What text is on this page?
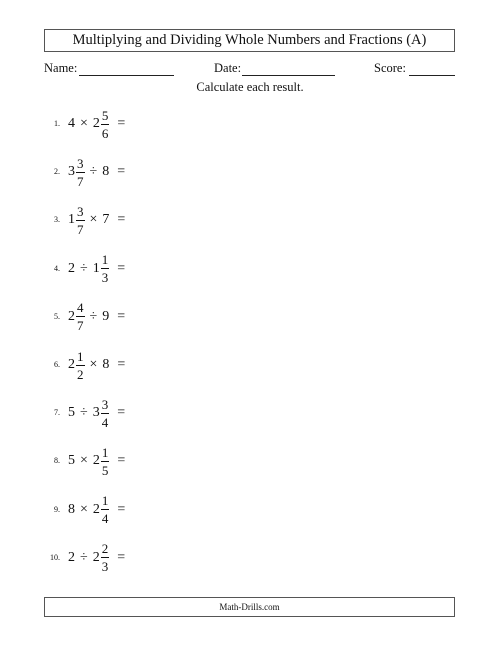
Multiplying and Dividing Whole Numbers and Fractions (A)
Name:	Date:	Score:
Calculate each result.
1. $4 \times 2 \frac{5}{6}$ =
2. $3 \frac{3}{7} \div 8$ =
3. $1 \frac{3}{7} \times 7$ =
4. $2 \div 1 \frac{1}{3}$ =
5. $2 \frac{4}{7} \div 9$ =
6. $2 \frac{1}{2} \times 8$ =
7. $5 \div 3 \frac{3}{4}$ =
8. $5 \times 2 \frac{1}{5}$ =
9. $8 \times 2 \frac{1}{4}$ =
10. $2 \div 2 \frac{2}{3}$ =
Math-Drills.com
